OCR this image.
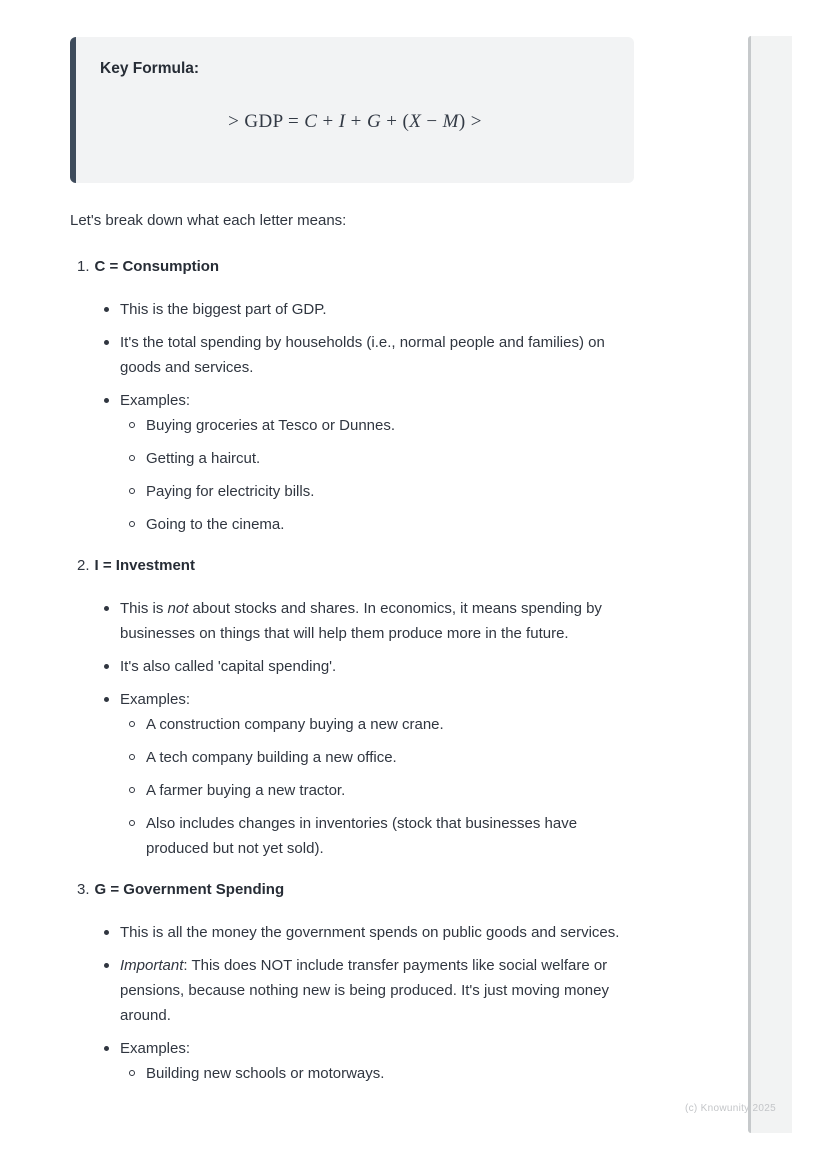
Key Formula:

> GDP = C + I + G + (X − M) >

Let's break down what each letter means:

1. C = Consumption
This is the biggest part of GDP.
It's the total spending by households (i.e., normal people and families) on goods and services.
Examples:
Buying groceries at Tesco or Dunnes.
Getting a haircut.
Paying for electricity bills.
Going to the cinema.
2. I = Investment
This is not about stocks and shares. In economics, it means spending by businesses on things that will help them produce more in the future.
It's also called 'capital spending'.
Examples:
A construction company buying a new crane.
A tech company building a new office.
A farmer buying a new tractor.
Also includes changes in inventories (stock that businesses have produced but not yet sold).
3. G = Government Spending
This is all the money the government spends on public goods and services.
Important: This does NOT include transfer payments like social welfare or pensions, because nothing new is being produced. It's just moving money around.
Examples:
Building new schools or motorways.
(c) Knowunity 2025
